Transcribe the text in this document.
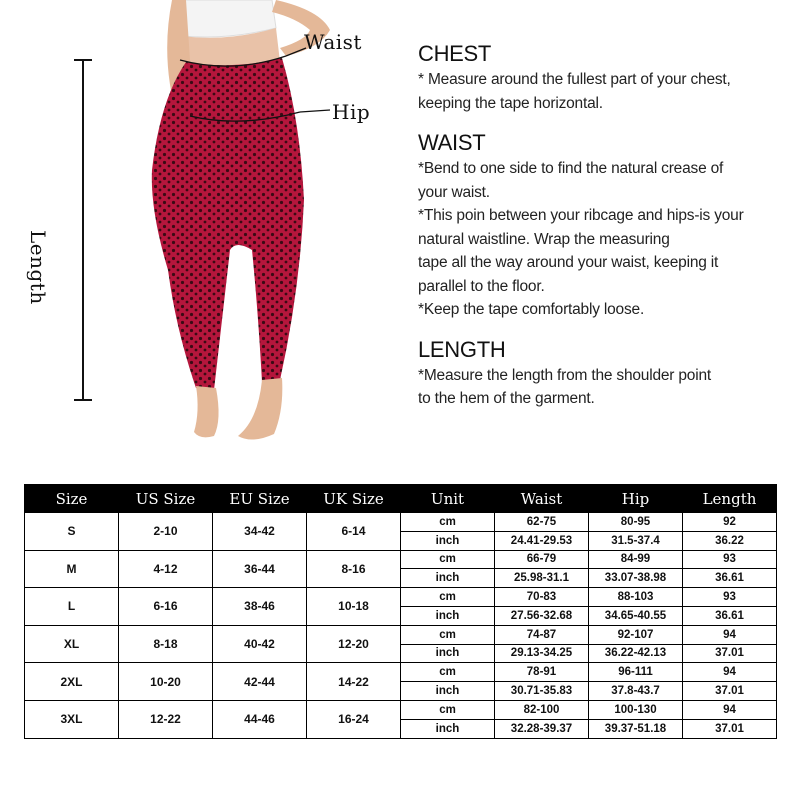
Waist
Hip
Length
CHEST
* Measure around the fullest part of your chest,
keeping the tape horizontal.
WAIST
*Bend to one side to find the natural crease of
your waist.
*This poin between your ribcage and hips-is your
natural waistline. Wrap the measuring
tape all the way around your waist, keeping it
parallel to the floor.
*Keep the tape comfortably loose.
LENGTH
*Measure the length from the shoulder point
to the hem of the garment.
Size	US Size	EU Size	UK Size	Unit	Waist	Hip	Length
S	2-10	34-42	6-14	cm	62-75	80-95	92
				inch	24.41-29.53	31.5-37.4	36.22
M	4-12	36-44	8-16	cm	66-79	84-99	93
				inch	25.98-31.1	33.07-38.98	36.61
L	6-16	38-46	10-18	cm	70-83	88-103	93
				inch	27.56-32.68	34.65-40.55	36.61
XL	8-18	40-42	12-20	cm	74-87	92-107	94
				inch	29.13-34.25	36.22-42.13	37.01
2XL	10-20	42-44	14-22	cm	78-91	96-111	94
				inch	30.71-35.83	37.8-43.7	37.01
3XL	12-22	44-46	16-24	cm	82-100	100-130	94
				inch	32.28-39.37	39.37-51.18	37.01
